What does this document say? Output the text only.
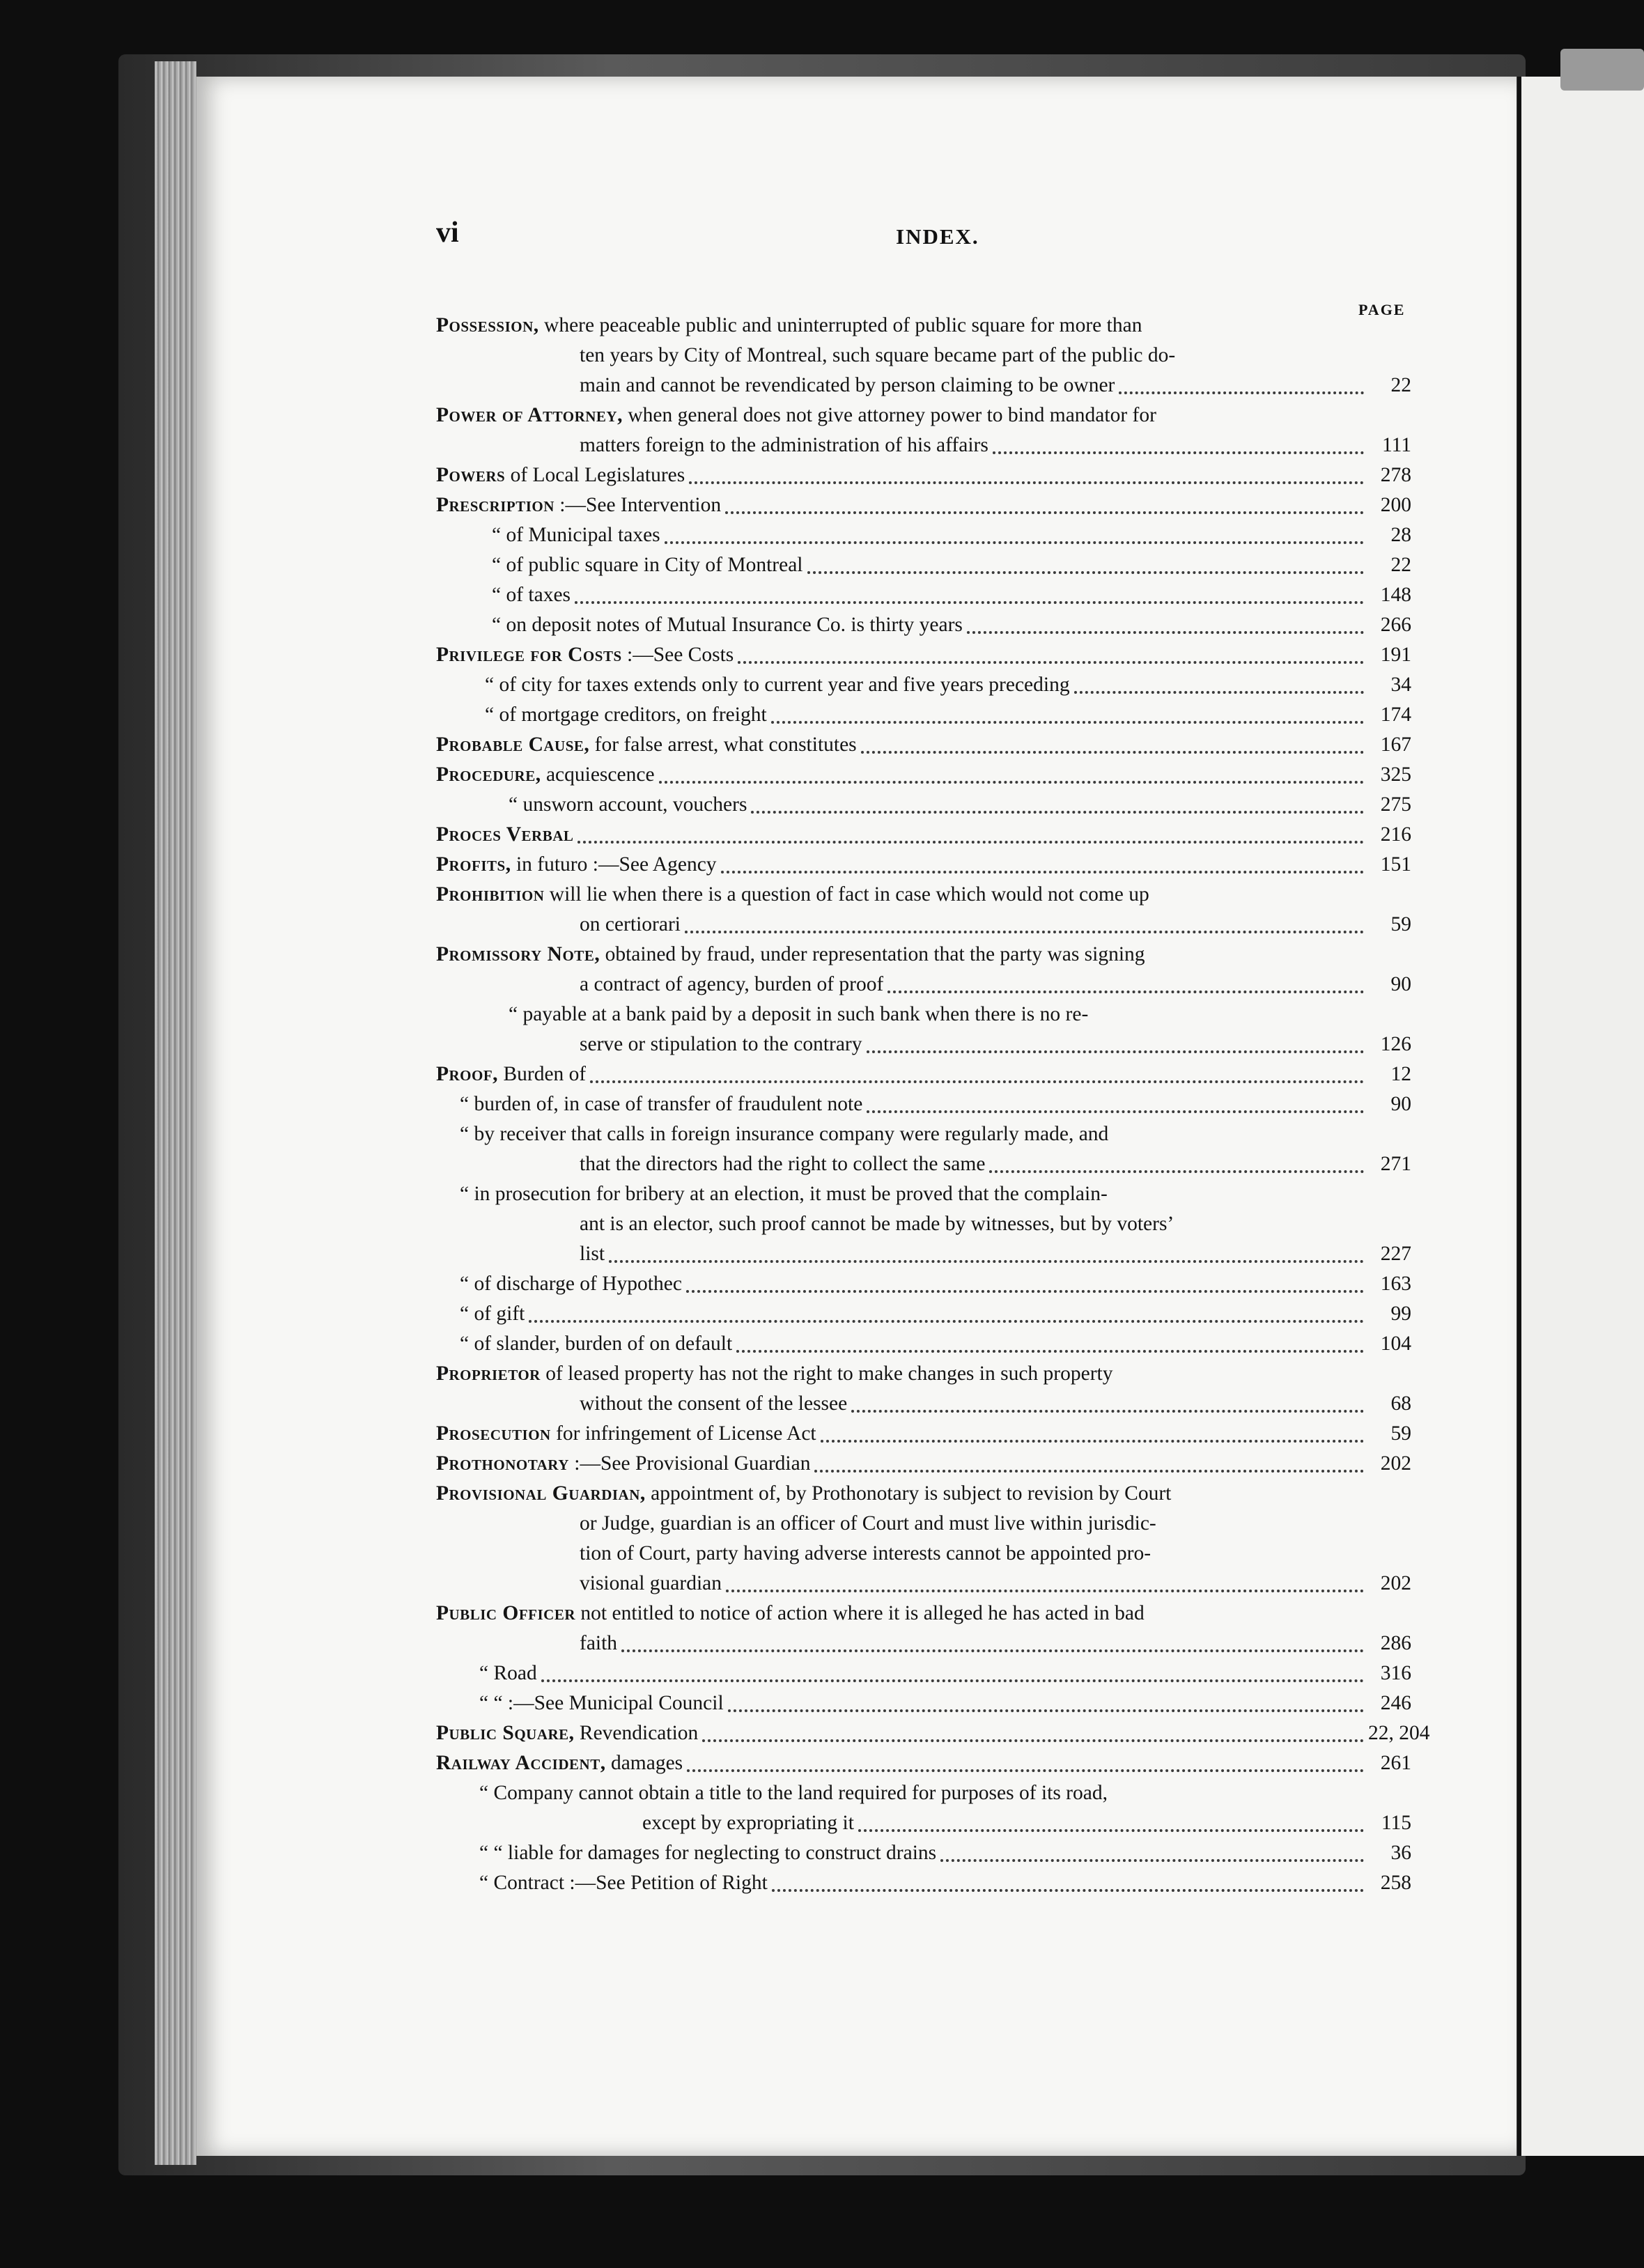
vi	INDEX.
PAGE
Possession, where peaceable public and uninterrupted of public square for more than
ten years by City of Montreal, such square became part of the public do-
main and cannot be revendicated by person claiming to be owner	22
Power of Attorney, when general does not give attorney power to bind mandator for
matters foreign to the administration of his affairs	111
Powers of Local Legislatures	278
Prescription :—See Intervention	200
“ of Municipal taxes	28
“ of public square in City of Montreal	22
“ of taxes	148
“ on deposit notes of Mutual Insurance Co. is thirty years	266
Privilege for Costs :—See Costs	191
“ of city for taxes extends only to current year and five years preceding	34
“ of mortgage creditors, on freight	174
Probable Cause, for false arrest, what constitutes	167
Procedure, acquiescence	325
“ unsworn account, vouchers	275
Proces Verbal	216
Profits, in futuro :—See Agency	151
Prohibition will lie when there is a question of fact in case which would not come up
on certiorari	59
Promissory Note, obtained by fraud, under representation that the party was signing
a contract of agency, burden of proof	90
“ payable at a bank paid by a deposit in such bank when there is no re-
serve or stipulation to the contrary	126
Proof, Burden of	12
“ burden of, in case of transfer of fraudulent note	90
“ by receiver that calls in foreign insurance company were regularly made, and
that the directors had the right to collect the same	271
“ in prosecution for bribery at an election, it must be proved that the complain-
ant is an elector, such proof cannot be made by witnesses, but by voters’
list	227
“ of discharge of Hypothec	163
“ of gift	99
“ of slander, burden of on default	104
Proprietor of leased property has not the right to make changes in such property
without the consent of the lessee	68
Prosecution for infringement of License Act	59
Prothonotary :—See Provisional Guardian	202
Provisional Guardian, appointment of, by Prothonotary is subject to revision by Court
or Judge, guardian is an officer of Court and must live within jurisdic-
tion of Court, party having adverse interests cannot be appointed pro-
visional guardian	202
Public Officer not entitled to notice of action where it is alleged he has acted in bad
faith	286
“ Road	316
“ “ :—See Municipal Council	246
Public Square, Revendication	22, 204
Railway Accident, damages	261
“ Company cannot obtain a title to the land required for purposes of its road,
except by expropriating it	115
“ “ liable for damages for neglecting to construct drains	36
“ Contract :—See Petition of Right	258
